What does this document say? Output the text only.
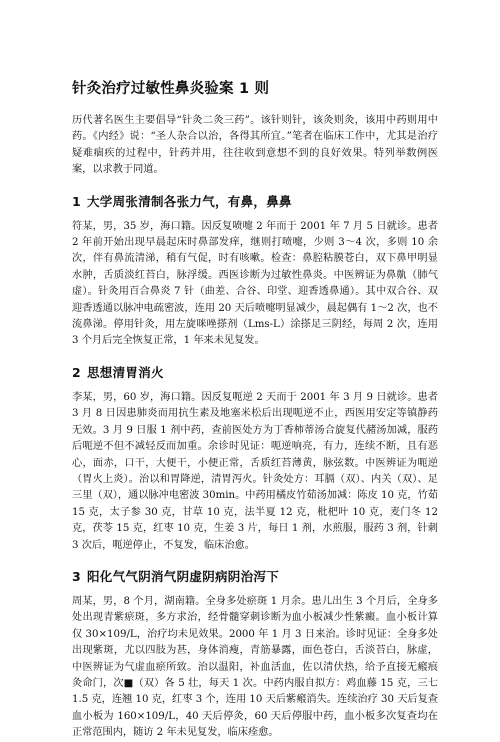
针灸治疗过敏性鼻炎验案 1 则

历代著名医生主要倡导“针灸二灸三药”。该针则针，该灸则灸，该用中药则用中药。《内经》说：“圣人杂合以治，各得其所宜。”笔者在临床工作中，尤其是治疗疑难痼疾的过程中，针药并用，往往收到意想不到的良好效果。特列举数例医案，以求教于同道。

1 大学周张清制各张力气，有鼻，鼻鼻

符某，男，35 岁，海口籍。因反复喷嚏 2 年而于 2001 年 7 月 5 日就诊。患者 2 年前开始出现早晨起床时鼻部发痒，继则打喷嚏，少则 3～4 次，多则 10 余次，伴有鼻流清涕，稍有气促，时有咳嗽。检查：鼻腔粘膜苍白，双下鼻甲明显水肿，舌质淡红苔白，脉浮缓。西医诊断为过敏性鼻炎。中医辨证为鼻鼽（肺气虚）。针灸用百合鼻炎 7 针（曲差、合谷、印堂、迎香透鼻通）。其中双合谷、双迎香透通以脉冲电疏密波，连用 20 天后喷嚏明显减少，晨起偶有 1～2 次，也不流鼻涕。停用针灸，用左旋咪唑搽剂（Lms-L）涂搽足三阴经，每周 2 次，连用 3 个月后完全恢复正常，1 年来未见复发。

2 思想清胃消火

李某，男，60 岁，海口籍。因反复呃逆 2 天而于 2001 年 3 月 9 日就诊。患者 3 月 8 日因患肺炎而用抗生素及地塞米松后出现呃逆不止，西医用安定等镇静药无效。3 月 9 日服 1 剂中药，查前医处方为丁香柿蒂汤合旋复代赭汤加减，服药后呃逆不但不减轻反而加重。余诊时见证：呃逆响亮，有力，连续不断，且有恶心，面赤，口干，大便干，小便正常，舌质红苔薄黄，脉弦数。中医辨证为呃逆（胃火上炎）。治以和胃降逆，清胃泻火。针灸处方：耳膈（双）、内关（双）、足三里（双），通以脉冲电密波 30min。中药用橘皮竹茹汤加减：陈皮 10 克，竹茹 15 克，太子参 30 克，甘草 10 克，法半夏 12 克，枇杷叶 10 克，麦门冬 12 克，茯苓 15 克，红枣 10 克，生姜 3 片，每日 1 剂，水煎服，服药 3 剂，针刺 3 次后，呃逆停止，不复发，临床治愈。

3 阳化气气阴消气阴虚阴病阴治泻下

周某，男，8 个月，湖南籍。全身多处瘀斑 1 月余。患儿出生 3 个月后，全身多处出现青紫瘀斑，多方求治，经骨髓穿刺诊断为血小板减少性紫癜。血小板计算仅 30×109/L，治疗均未见效果。2000 年 1 月 3 日来治。诊时见证：全身多处出现紫斑，尤以四肢为甚，身体消瘦，青筋暴露，面色苍白，舌淡苔白，脉虚，中医辨证为气虚血瘀所致。治以温阳，补血活血，佐以清伏热，给予直接无瘢痕灸命门，次■（双）各 5 壮，每天 1 次。中药内服自拟方：鸡血藤 15 克，三七 1.5 克，连翘 10 克，红枣 3 个，连用 10 天后紫瘢消失。连续治疗 30 天后复查血小板为 160×109/L，40 天后停灸，60 天后停服中药，血小板多次复查均在正常范围内，随访 2 年未见复发，临床痊愈。
